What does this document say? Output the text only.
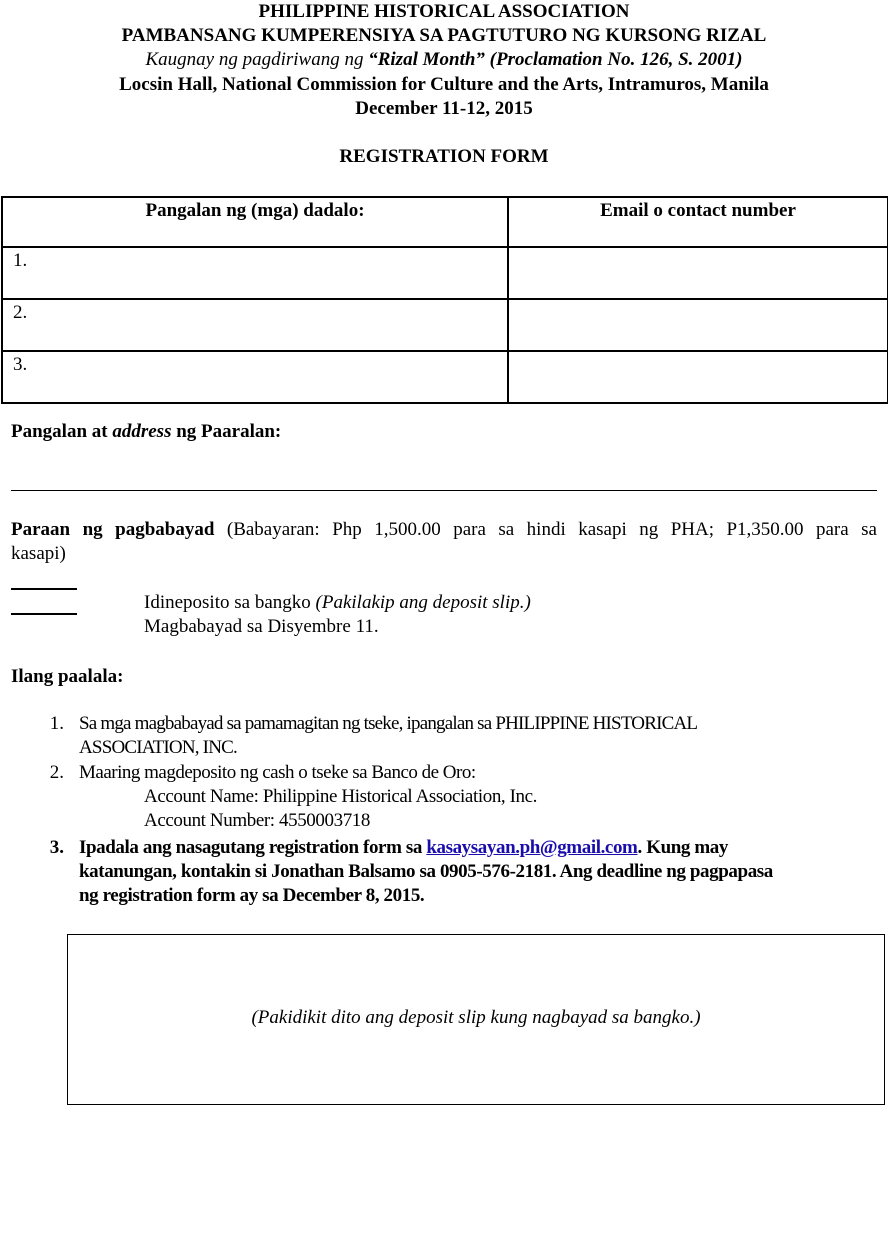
PHILIPPINE HISTORICAL ASSOCIATION
PAMBANSANG KUMPERENSIYA SA PAGTUTURO NG KURSONG RIZAL
Kaugnay ng pagdiriwang ng “Rizal Month” (Proclamation No. 126, S. 2001)
Locsin Hall, National Commission for Culture and the Arts, Intramuros, Manila
December 11-12, 2015
REGISTRATION FORM
Pangalan ng (mga) dadalo:	Email o contact number
1.	
2.	
3.	
Pangalan at address ng Paaralan:
Paraan ng pagbabayad (Babayaran: Php 1,500.00 para sa hindi kasapi ng PHA; P1,350.00 para sa
kasapi)
Idineposito sa bangko (Pakilakip ang deposit slip.)
Magbabayad sa Disyembre 11.
Ilang paalala:
1. Sa mga magbabayad sa pamamagitan ng tseke, ipangalan sa PHILIPPINE HISTORICAL
ASSOCIATION, INC.
2. Maaring magdeposito ng cash o tseke sa Banco de Oro:
Account Name: Philippine Historical Association, Inc.
Account Number: 4550003718
3. Ipadala ang nasagutang registration form sa kasaysayan.ph@gmail.com. Kung may
katanungan, kontakin si Jonathan Balsamo sa 0905-576-2181. Ang deadline ng pagpapasa
ng registration form ay sa December 8, 2015.
(Pakidikit dito ang deposit slip kung nagbayad sa bangko.)
